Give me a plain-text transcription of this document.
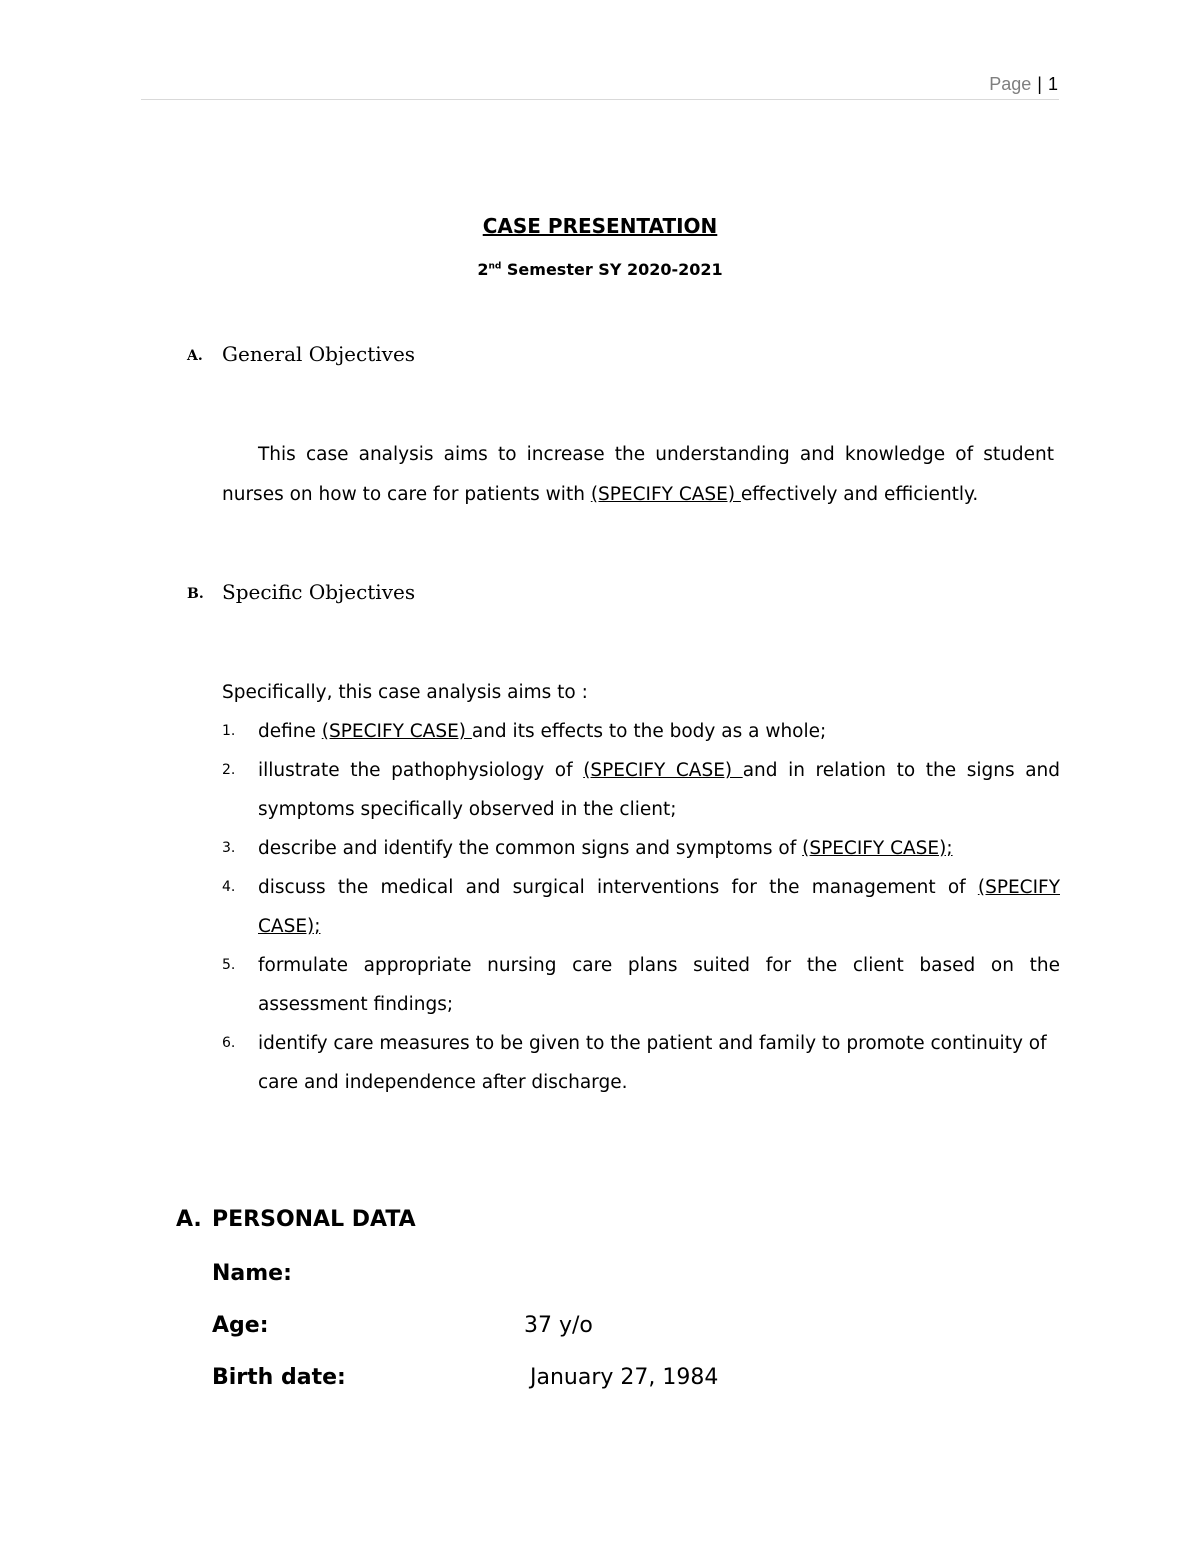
Page | 1
CASE PRESENTATION
2nd Semester SY 2020-2021
A. General Objectives
This case analysis aims to increase the understanding and knowledge of student nurses on how to care for patients with (SPECIFY CASE) effectively and efficiently.
B. Specific Objectives
Specifically, this case analysis aims to :
1. define (SPECIFY CASE) and its effects to the body as a whole;
2. illustrate the pathophysiology of (SPECIFY CASE) and in relation to the signs and symptoms specifically observed in the client;
3. describe and identify the common signs and symptoms of (SPECIFY CASE);
4. discuss the medical and surgical interventions for the management of (SPECIFY CASE);
5. formulate appropriate nursing care plans suited for the client based on the assessment findings;
6. identify care measures to be given to the patient and family to promote continuity of care and independence after discharge.
A. PERSONAL DATA
Name:
Age:	37 y/o
Birth date:	January 27, 1984
